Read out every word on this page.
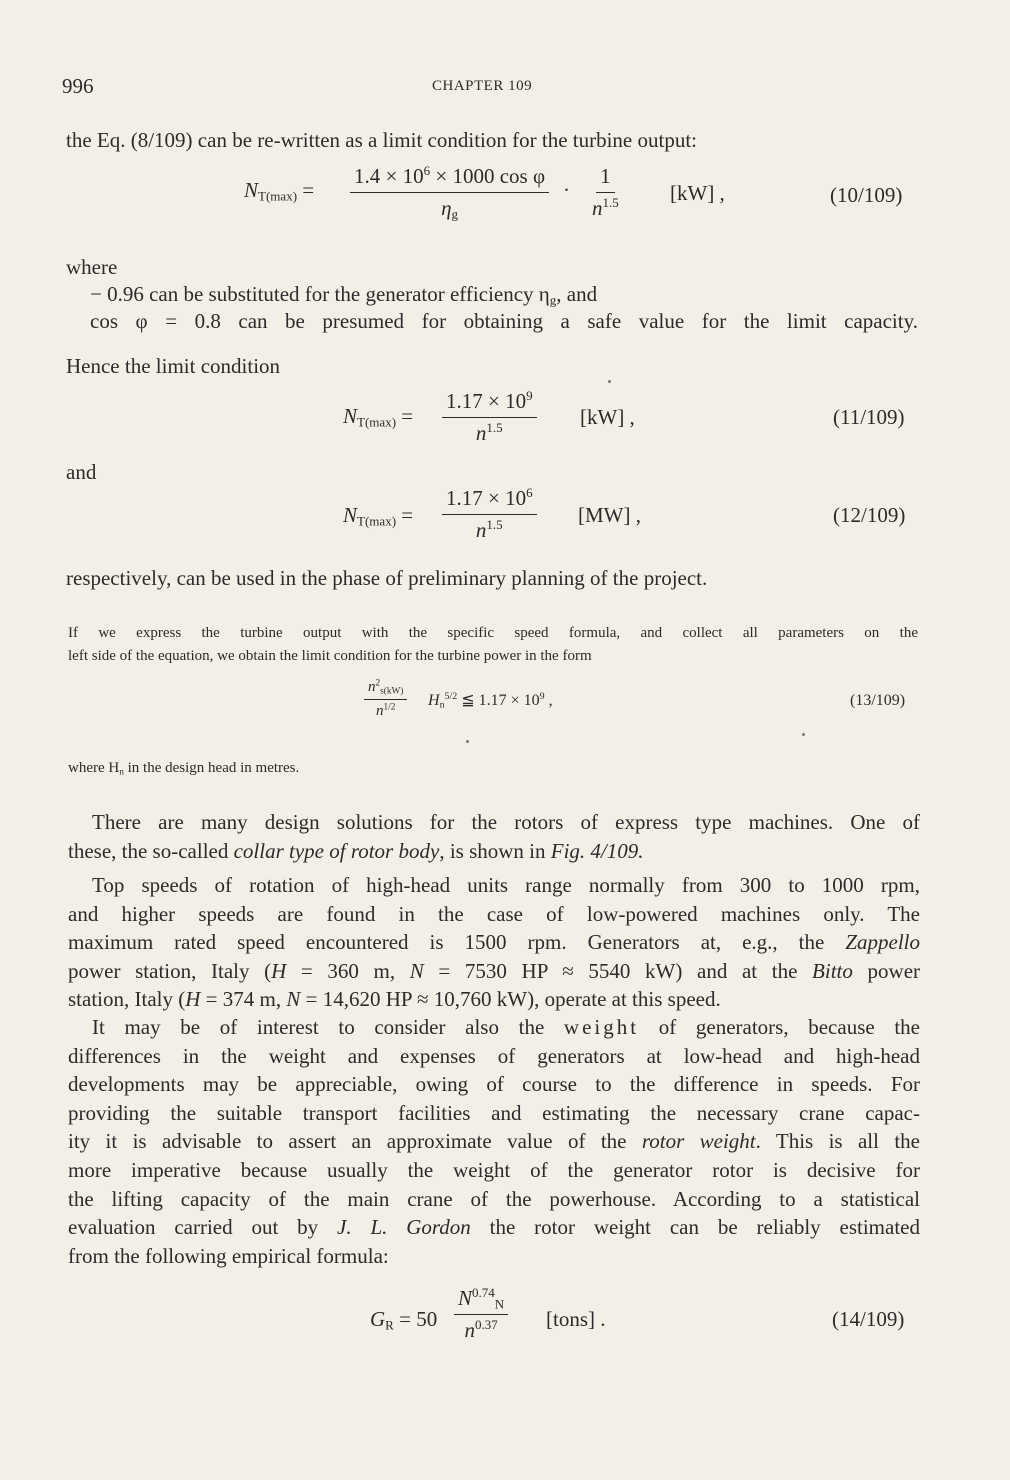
996	CHAPTER 109
the Eq. (8/109) can be re-written as a limit condition for the turbine output:
$N_{T(max)} = \frac{1.4 \times 10^6 \times 1000 \cos \varphi}{\eta_g} \cdot \frac{1}{n^{1.5}} [kW]$ ,	(10/109)
where
− 0.96 can be substituted for the generator efficiency $\eta_g$, and
cos φ = 0.8 can be presumed for obtaining a safe value for the limit capacity.
Hence the limit condition
$N_{T(max)} = \frac{1.17 \times 10^9}{n^{1.5}} [kW]$ ,	(11/109)
and
$N_{T(max)} = \frac{1.17 \times 10^6}{n^{1.5}} [MW]$ ,	(12/109)
respectively, can be used in the phase of preliminary planning of the project.
If we express the turbine output with the specific speed formula, and collect all parameters on the
left side of the equation, we obtain the limit condition for the turbine power in the form
$\frac{n^2_{s(kW)}}{n^{1/2}} H_n^{5/2}$ ≦ $1.17 \times 10^9$ ,	(13/109)
where $H_n$ in the design head in metres.
There are many design solutions for the rotors of express type machines. One of
these, the so-called collar type of rotor body, is shown in Fig. 4/109.
Top speeds of rotation of high-head units range normally from 300 to 1000 rpm,
and higher speeds are found in the case of low-powered machines only. The
maximum rated speed encountered is 1500 rpm. Generators at, e.g., the Zappello
power station, Italy (H = 360 m, N = 7530 HP ≈ 5540 kW) and at the Bitto power
station, Italy (H = 374 m, N = 14,620 HP ≈ 10,760 kW), operate at this speed.
It may be of interest to consider also the weight of generators, because the
differences in the weight and expenses of generators at low-head and high-head
developments may be appreciable, owing of course to the difference in speeds. For
providing the suitable transport facilities and estimating the necessary crane capac-
ity it is advisable to assert an approximate value of the rotor weight. This is all the
more imperative because usually the weight of the generator rotor is decisive for
the lifting capacity of the main crane of the powerhouse. According to a statistical
evaluation carried out by J. L. Gordon the rotor weight can be reliably estimated
from the following empirical formula:
$G_R = 50 \frac{N^{0.74}_N}{n^{0.37}}$ [tons] .	(14/109)
